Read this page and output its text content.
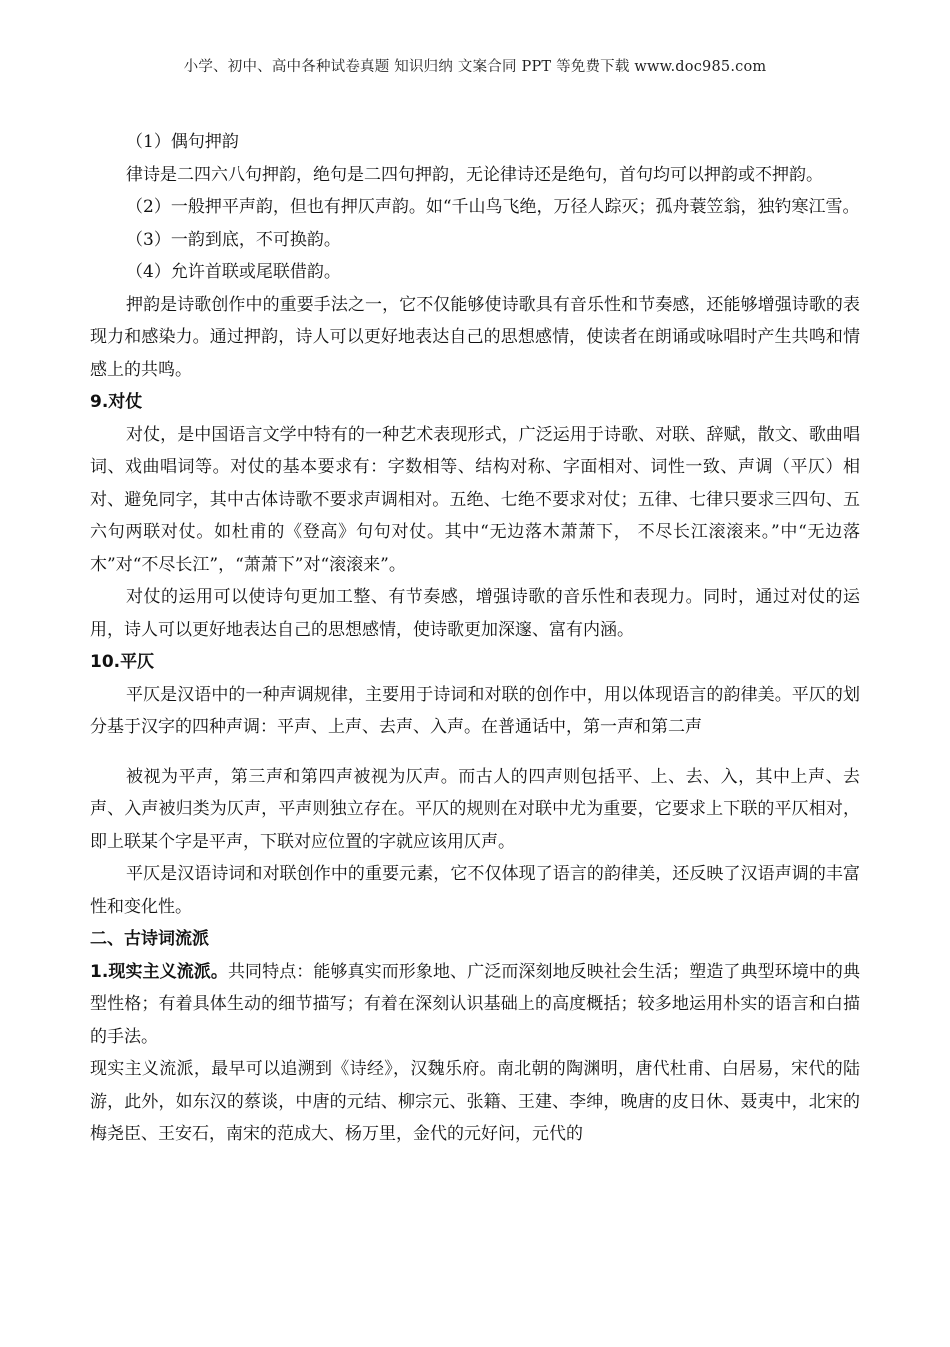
小学、初中、高中各种试卷真题 知识归纳 文案合同 PPT 等免费下载 www.doc985.com

（1）偶句押韵

律诗是二四六八句押韵，绝句是二四句押韵，无论律诗还是绝句，首句均可以押韵或不押韵。

（2）一般押平声韵，但也有押仄声韵。如“千山鸟飞绝，万径人踪灭；孤舟蓑笠翁，独钓寒江雪。

（3）一韵到底，不可换韵。

（4）允许首联或尾联借韵。

押韵是诗歌创作中的重要手法之一，它不仅能够使诗歌具有音乐性和节奏感，还能够增强诗歌的表现力和感染力。通过押韵，诗人可以更好地表达自己的思想感情，使读者在朗诵或咏唱时产生共鸣和情感上的共鸣。

9.对仗

对仗，是中国语言文学中特有的一种艺术表现形式，广泛运用于诗歌、对联、辞赋，散文、歌曲唱词、戏曲唱词等。对仗的基本要求有：字数相等、结构对称、字面相对、词性一致、声调（平仄）相对、避免同字，其中古体诗歌不要求声调相对。五绝、七绝不要求对仗；五律、七律只要求三四句、五六句两联对仗。如杜甫的《登高》句句对仗。其中“无边落木萧萧下， 不尽长江滚滚来。”中“无边落木”对“不尽长江”，“萧萧下”对“滚滚来”。

对仗的运用可以使诗句更加工整、有节奏感，增强诗歌的音乐性和表现力。同时，通过对仗的运用，诗人可以更好地表达自己的思想感情，使诗歌更加深邃、富有内涵。

10.平仄

平仄是汉语中的一种声调规律，主要用于诗词和对联的创作中，用以体现语言的韵律美。平仄的划分基于汉字的四种声调：平声、上声、去声、入声。在普通话中，第一声和第二声

被视为平声，第三声和第四声被视为仄声。而古人的四声则包括平、上、去、入，其中上声、去声、入声被归类为仄声，平声则独立存在。平仄的规则在对联中尤为重要，它要求上下联的平仄相对，即上联某个字是平声，下联对应位置的字就应该用仄声。

平仄是汉语诗词和对联创作中的重要元素，它不仅体现了语言的韵律美，还反映了汉语声调的丰富性和变化性。

二、古诗词流派

1.现实主义流派。共同特点：能够真实而形象地、广泛而深刻地反映社会生活；塑造了典型环境中的典型性格；有着具体生动的细节描写；有着在深刻认识基础上的高度概括；较多地运用朴实的语言和白描的手法。

现实主义流派，最早可以追溯到《诗经》，汉魏乐府。南北朝的陶渊明，唐代杜甫、白居易，宋代的陆游，此外，如东汉的蔡谈，中唐的元结、柳宗元、张籍、王建、李绅，晚唐的皮日休、聂夷中，北宋的梅尧臣、王安石，南宋的范成大、杨万里，金代的元好问，元代的
